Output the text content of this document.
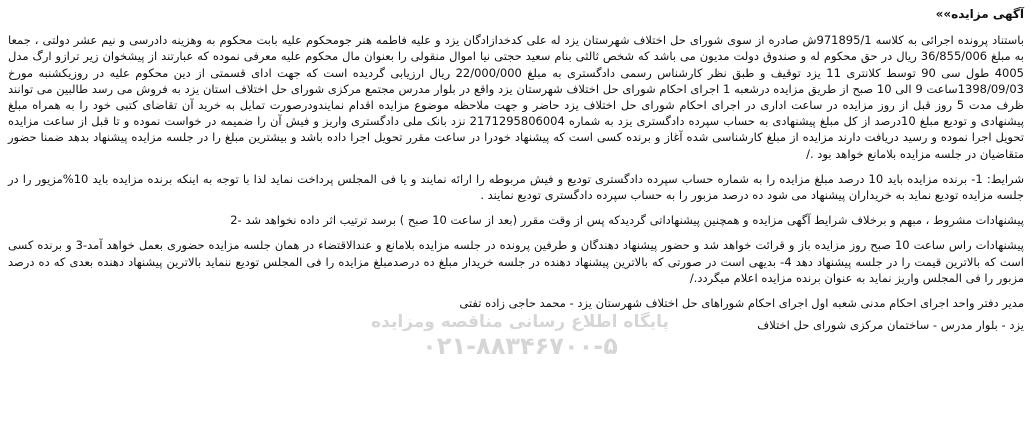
آگهی مزایده»»

باستناد پرونده اجرائی به کلاسه 971895/1ش صادره از سوی شورای حل اختلاف شهرستان یزد له علی کدخدازادگان یزد و علیه فاطمه هنر جومحکوم علیه بابت محکوم به وهزینه دادرسی و نیم عشر دولتی ، جمعا به مبلغ 36/855/006 ریال در حق محکوم له و صندوق دولت مدیون می باشد که شخص ثالثی بنام سعید حجتی نیا اموال منقولی را بعنوان مال محکوم علیه معرفی نموده که عبارتند از پیشخوان زیر ترازو ارگ مدل 4005 طول سی 90 توسط کلانتری 11 یزد توقیف و طبق نظر کارشناس رسمی دادگستری به مبلغ 22/000/000 ریال ارزیابی گردیده است که جهت ادای قسمتی از دین محکوم علیه در روزیکشنبه مورخ 1398/09/03ساعت 9 الی 10 صبح از طریق مزایده درشعبه 1 اجرای احکام شورای حل اختلاف شهرستان یزد واقع در بلوار مدرس مجتمع مرکزی شورای حل اختلاف استان یزد به فروش می رسد طالبین می توانند ظرف مدت 5 روز قبل از روز مزایده در ساعت اداری در اجرای احکام شورای حل اختلاف یزد حاضر و جهت ملاحظه موضوع مزایده اقدام نمایندودرصورت تمایل به خرید آن تقاضای کتبی خود را به همراه مبلغ پیشنهادی و تودیع مبلغ 10درصد از کل مبلغ پیشنهادی به حساب سپرده دادگستری یزد به شماره 2171295806004 نزد بانک ملی دادگستری واریز و فیش آن را ضمیمه در خواست نموده و تا قبل از ساعت مزایده تحویل اجرا نموده و رسید دریافت دارند مزایده از مبلغ کارشناسی شده آغاز و برنده کسی است که پیشنهاد خودرا در ساعت مقرر تحویل اجرا داده باشد و بیشترین مبلغ را در جلسه مزایده پیشنهاد بدهد ضمنا حضور متقاضیان در جلسه مزایده بلامانع خواهد بود ./

شرایط: 1- برنده مزایده باید 10 درصد مبلغ مزایده را به شماره حساب سپرده دادگستری تودیع و فیش مربوطه را ارائه نمایند و یا فی المجلس پرداخت نماید لذا با توجه به اینکه برنده مزایده باید 10%مزیور را در جلسه مزایده تودیع نماید به خریداران پیشنهاد می شود ده درصد مزبور را به حساب سپرده دادگستری تودیع نمایند .

پیشنهادات مشروط ، مبهم و برخلاف شرایط آگهی مزایده و همچنین پیشنهاداتی گردیدکه پس از وقت مقرر (بعد از ساعت 10 صبح ) برسد ترتیب اثر داده نخواهد شد -2

پیشنهادات راس ساعت 10 صبح روز مزایده باز و قرائت خواهد شد و حضور پیشنهاد دهندگان و طرفین پرونده در جلسه مزایده بلامانع و عندالاقتضاء در همان جلسه مزایده حضوری بعمل خواهد آمد-3 و برنده کسی است که بالاترین قیمت را در جلسه پیشنهاد دهد 4- بدیهی است در صورتی که بالاترین پیشنهاد دهنده در جلسه خریدار مبلغ ده درصدمبلغ مزایده را فی المجلس تودیع ننماید بالاترین پیشنهاد دهنده بعدی که ده درصد مزبور را فی المجلس واریز نماید به عنوان برنده مزایده اعلام میگردد./

مدیر دفتر واحد اجرای احکام مدنی شعبه اول اجرای احکام شوراهای حل اختلاف شهرستان یزد - محمد حاجی زاده تفتی
یزد - بلوار مدرس - ساختمان مرکزی شورای حل اختلاف
پایگاه اطلاع رسانی مناقصه ومزایده
۰۲۱-۸۸۳۴۶۷۰۰-۵
